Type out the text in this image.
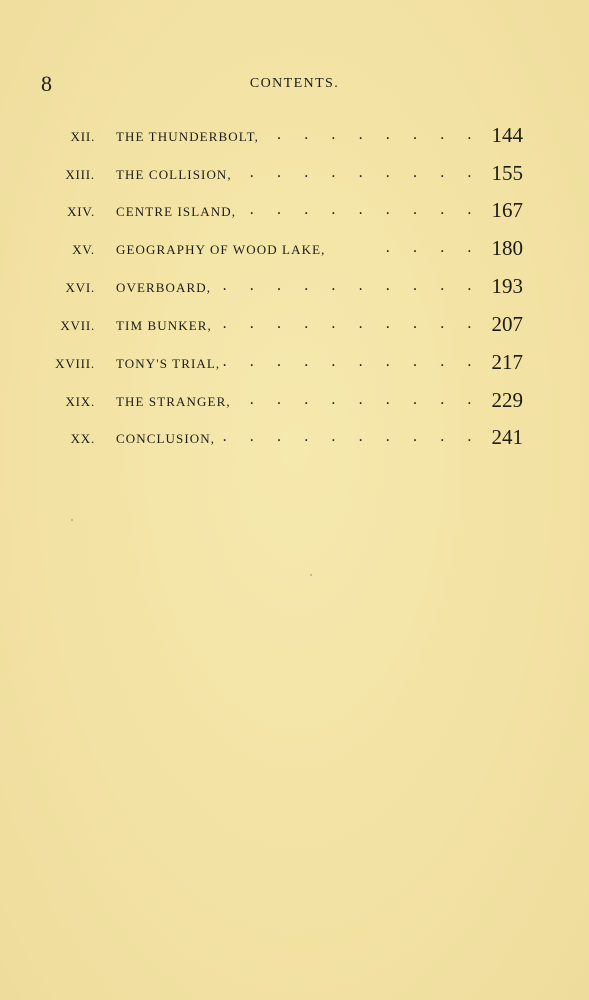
8	CONTENTS.
XII. THE THUNDERBOLT, . . . . . . . . 144
XIII. THE COLLISION, . . . . . . . . . 155
XIV. CENTRE ISLAND, . . . . . . . . . 167
XV. GEOGRAPHY OF WOOD LAKE,	. . . . 180
XVI. OVERBOARD, . . . . . . . . . . 193
XVII. TIM BUNKER, . . . . . . . . . . 207
XVIII. TONY'S TRIAL, . . . . . . . . . . 217
XIX. THE STRANGER, . . . . . . . . . 229
XX. CONCLUSION, . . . . . . . . . . 241
